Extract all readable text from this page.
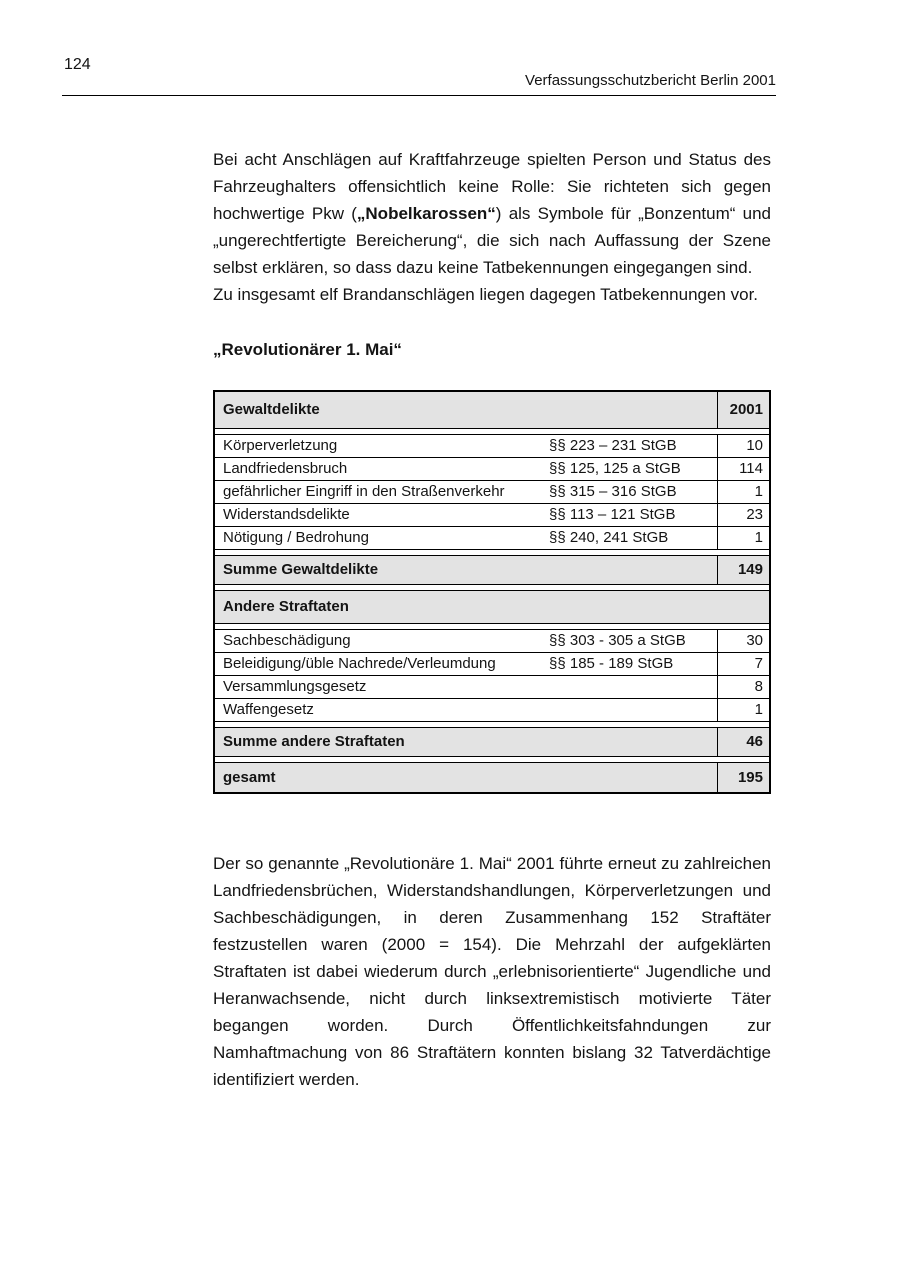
124
Verfassungsschutzbericht Berlin 2001

Bei acht Anschlägen auf Kraftfahrzeuge spielten Person und Status des Fahrzeughalters offensichtlich keine Rolle: Sie richteten sich gegen hochwertige Pkw („Nobelkarossen“) als Symbole für „Bonzentum“ und „ungerechtfertigte Bereicherung“, die sich nach Auffassung der Szene selbst erklären, so dass dazu keine Tatbekennungen eingegangen sind.

Zu insgesamt elf Brandanschlägen liegen dagegen Tatbekennungen vor.

„Revolutionärer 1. Mai“
Gewaltdelikte	2001
Körperverletzung	§§ 223 – 231 StGB	10
Landfriedensbruch	§§ 125, 125 a StGB	114
gefährlicher Eingriff in den Straßenverkehr	§§ 315 – 316 StGB	1
Widerstandsdelikte	§§ 113 – 121 StGB	23
Nötigung / Bedrohung	§§ 240, 241 StGB	1
Summe Gewaltdelikte	149
Andere Straftaten
Sachbeschädigung	§§ 303 - 305 a StGB	30
Beleidigung/üble Nachrede/Verleumdung	§§ 185 - 189 StGB	7
Versammlungsgesetz	8
Waffengesetz	1
Summe andere Straftaten	46
gesamt	195

Der so genannte „Revolutionäre 1. Mai“ 2001 führte erneut zu zahlreichen Landfriedensbrüchen, Widerstandshandlungen, Körperverletzungen und Sachbeschädigungen, in deren Zusammenhang 152 Straftäter festzustellen waren (2000 = 154). Die Mehrzahl der aufgeklärten Straftaten ist dabei wiederum durch „erlebnisorientierte“ Jugendliche und Heranwachsende, nicht durch linksextremistisch motivierte Täter begangen worden. Durch Öffentlichkeitsfahndungen zur Namhaftmachung von 86 Straftätern konnten bislang 32 Tatverdächtige identifiziert werden.
